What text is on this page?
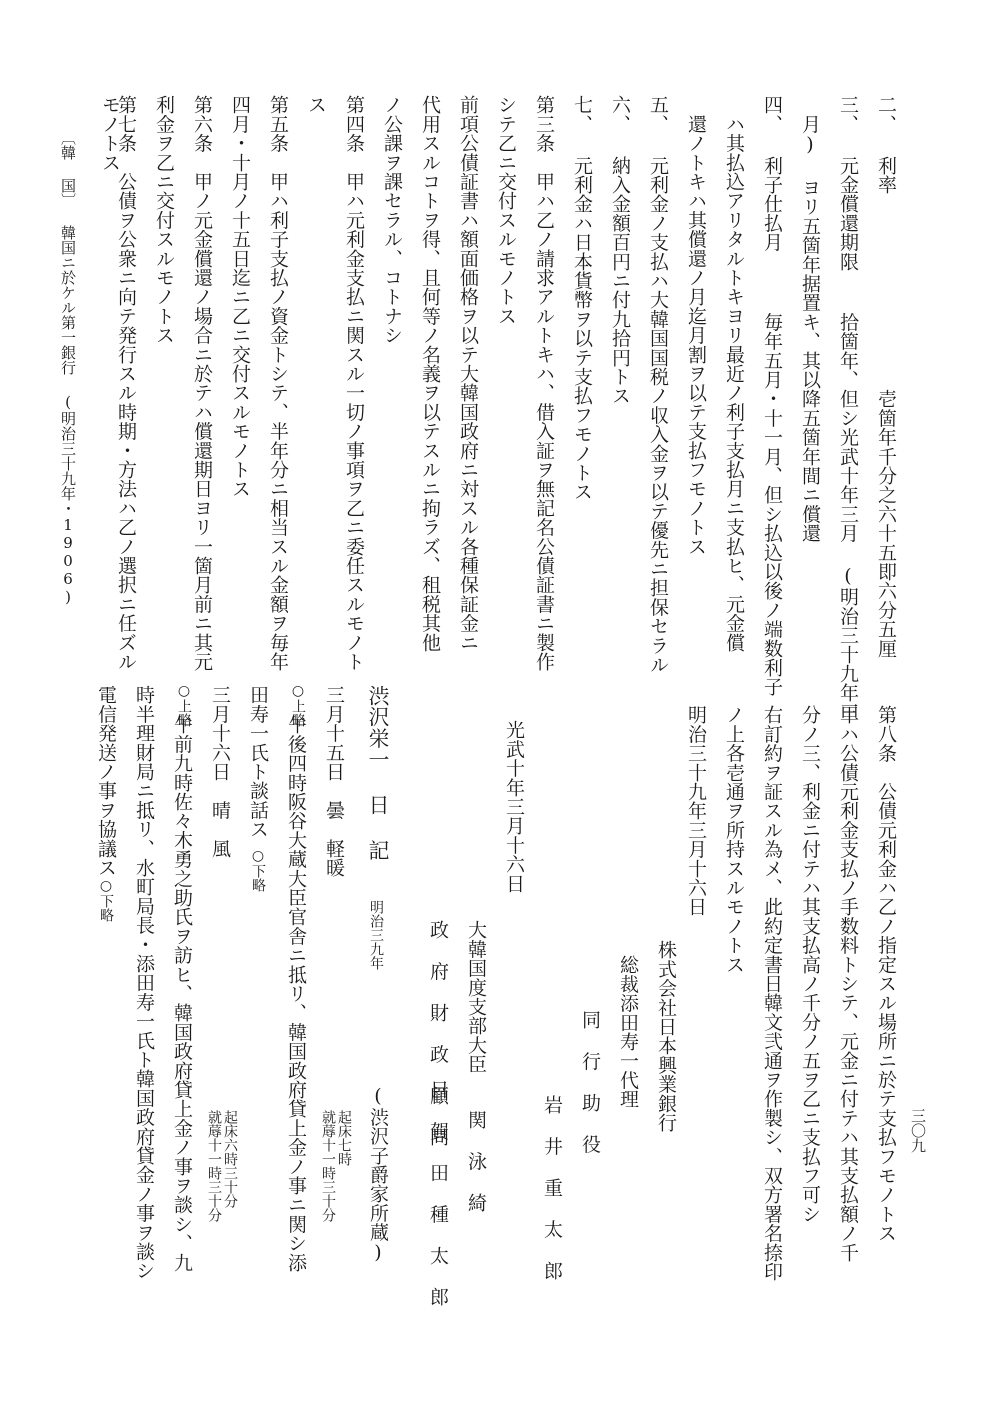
三〇九
〔韓 国〕
韓国ニ於ケル第一銀行 (明治三十九年・1906)	二、 利率　　　　　　　　　 壱箇年千分之六十五即六分五厘
三、 元金償還期限　 拾箇年、但シ光武十年三月 (明治三十九年三
　月) ヨリ五箇年据置キ、其以降五箇年間ニ償還
四、 利子仕払月　　 毎年五月・十一月、但シ払込以後ノ端数利子
　ハ其払込アリタルトキヨリ最近ノ利子支払月ニ支払ヒ、元金償
　還ノトキハ其償還ノ月迄月割ヲ以テ支払フモノトス
五、 元利金ノ支払ハ大韓国国税ノ収入金ヲ以テ優先ニ担保セラル
六、 納入金額百円ニ付九拾円トス
七、 元利金ハ日本貨幣ヲ以テ支払フモノトス
第三条　甲ハ乙ノ請求アルトキハ、借入証ヲ無記名公債証書ニ製作
シテ乙ニ交付スルモノトス
前項公債証書ハ額面価格ヲ以テ大韓国政府ニ対スル各種保証金ニ
代用スルコトヲ得、且何等ノ名義ヲ以テスルニ拘ラズ、租税其他
ノ公課ヲ課セラル、コトナシ
第四条　甲ハ元利金支払ニ関スル一切ノ事項ヲ乙ニ委任スルモノト
ス
第五条　甲ハ利子支払ノ資金トシテ、半年分ニ相当スル金額ヲ毎年
四月・十月ノ十五日迄ニ乙ニ交付スルモノトス
第六条　甲ノ元金償還ノ場合ニ於テハ償還期日ヨリ一箇月前ニ其元
利金ヲ乙ニ交付スルモノトス
第七条　公債ヲ公衆ニ向テ発行スル時期・方法ハ乙ノ選択ニ任ズル
モノトス
第八条　公債元利金ハ乙ノ指定スル場所ニ於テ支払フモノトス
甲ハ公債元利金支払ノ手数料トシテ、元金ニ付テハ其支払額ノ千
分ノ三、利金ニ付テハ其支払高ノ千分ノ五ヲ乙ニ支払フ可シ
右訂約ヲ証スル為メ、此約定書日韓文弐通ヲ作製シ、双方署名捺印
ノ上各壱通ヲ所持スルモノトス
明治三十九年三月十六日
株式会社日本興業銀行
総裁添田寿一代理
同 行 助 役
岩 井 重 太 郎
光武十年三月十六日
大韓国度支部大臣
関 泳 綺
政 府 財 政 顧 問
目 賀 田 種 太 郎
渋沢栄一 日 記
明治三九年
(渋沢子爵家所蔵)
三月十五日　曇　軽暖
起床七時
就蓐十一時三十分
○上略
午後四時阪谷大蔵大臣官舎ニ抵リ、韓国政府貸上金ノ事ニ関シ添
田寿一氏ト談話ス
○下略
三月十六日　晴　風
起床六時三十分
就蓐十一時三十分
○上略
午前九時佐々木勇之助氏ヲ訪ヒ、韓国政府貸上金ノ事ヲ談シ、九
時半理財局ニ抵リ、水町局長・添田寿一氏ト韓国政府貸金ノ事ヲ談シ
電信発送ノ事ヲ協議ス
○下略
